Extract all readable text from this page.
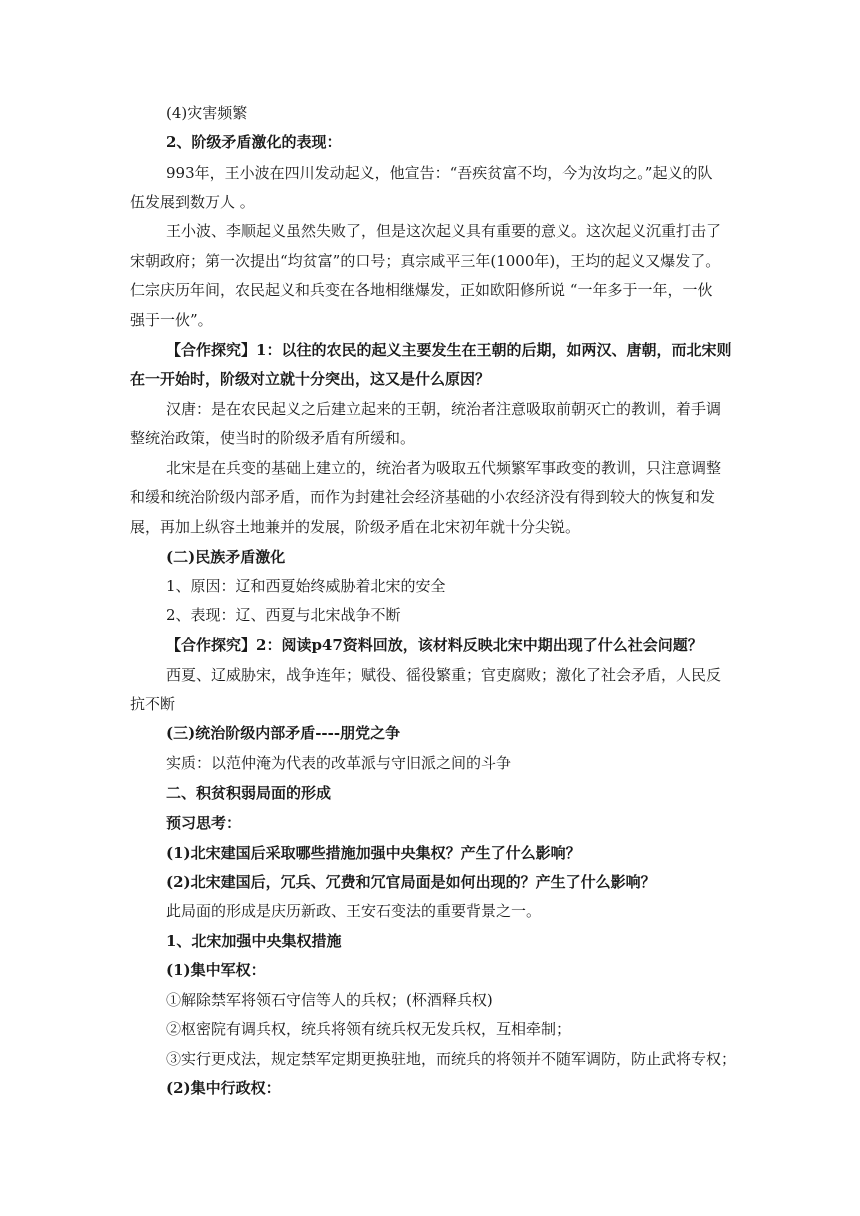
(4)灾害频繁
2、阶级矛盾激化的表现：
993年，王小波在四川发动起义，他宣告：“吾疾贫富不均，今为汝均之。”起义的队
伍发展到数万人 。
王小波、李顺起义虽然失败了，但是这次起义具有重要的意义。这次起义沉重打击了
宋朝政府；第一次提出“均贫富”的口号；真宗咸平三年(1000年)，王均的起义又爆发了。
仁宗庆历年间，农民起义和兵变在各地相继爆发，正如欧阳修所说 “一年多于一年，一伙
强于一伙”。
【合作探究】1：以往的农民的起义主要发生在王朝的后期，如两汉、唐朝，而北宋则
在一开始时，阶级对立就十分突出，这又是什么原因？
汉唐：是在农民起义之后建立起来的王朝，统治者注意吸取前朝灭亡的教训，着手调
整统治政策，使当时的阶级矛盾有所缓和。
北宋是在兵变的基础上建立的，统治者为吸取五代频繁军事政变的教训，只注意调整
和缓和统治阶级内部矛盾，而作为封建社会经济基础的小农经济没有得到较大的恢复和发
展，再加上纵容土地兼并的发展，阶级矛盾在北宋初年就十分尖锐。
(二)民族矛盾激化
1、原因：辽和西夏始终威胁着北宋的安全
2、表现：辽、西夏与北宋战争不断
【合作探究】2：阅读p47资料回放，该材料反映北宋中期出现了什么社会问题？
西夏、辽威胁宋，战争连年；赋役、徭役繁重；官吏腐败；激化了社会矛盾，人民反
抗不断
(三)统治阶级内部矛盾----朋党之争
实质：以范仲淹为代表的改革派与守旧派之间的斗争
二、积贫积弱局面的形成
预习思考：
(1)北宋建国后采取哪些措施加强中央集权？产生了什么影响？
(2)北宋建国后，冗兵、冗费和冗官局面是如何出现的？产生了什么影响？
此局面的形成是庆历新政、王安石变法的重要背景之一。
1、北宋加强中央集权措施
(1)集中军权：
①解除禁军将领石守信等人的兵权；(杯酒释兵权)
②枢密院有调兵权，统兵将领有统兵权无发兵权，互相牵制；
③实行更戍法，规定禁军定期更换驻地，而统兵的将领并不随军调防，防止武将专权；
(2)集中行政权：
